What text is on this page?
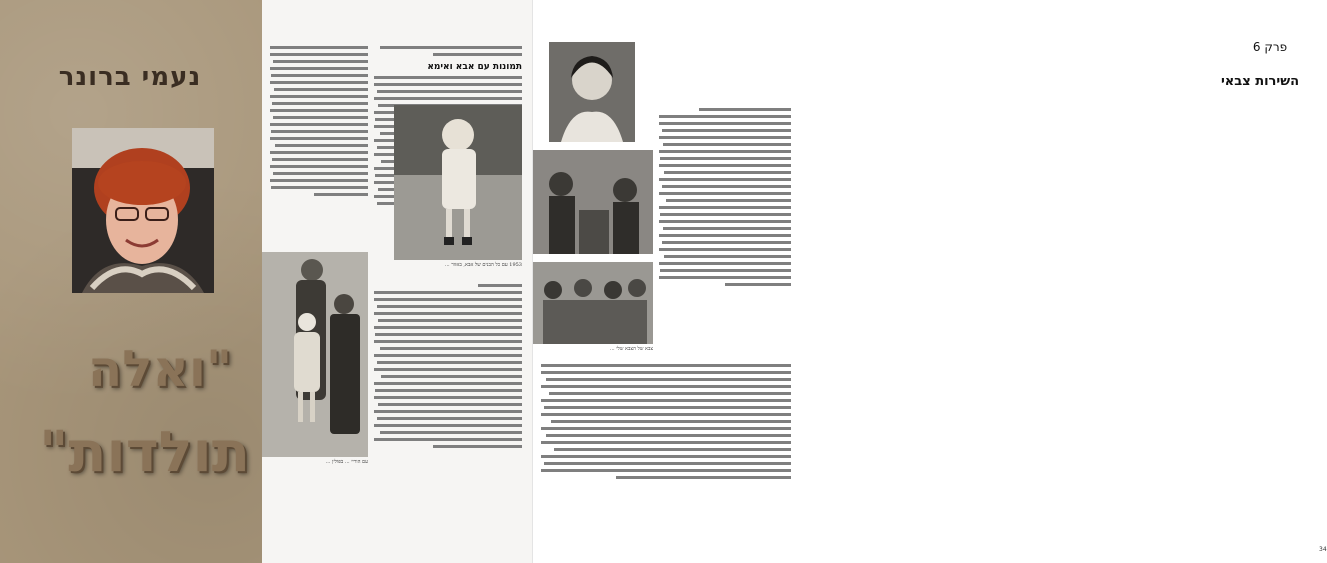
נעמי ברונר
"ואלה
תולדות"
תמונות עם אבא ואימא
1953 עם כל הבנים של אבא, באזור ...
עם הוריי ... בפולין ...
צבא של הצבא שלי ...
פרק 6
השירות צבאי
34
